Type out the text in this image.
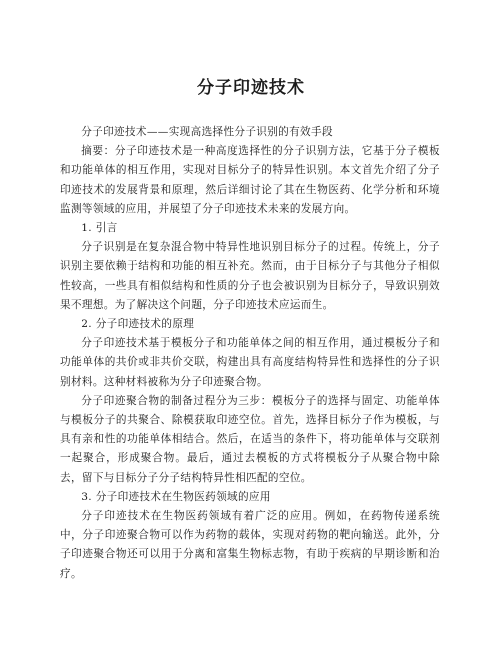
分子印迹技术

分子印迹技术——实现高选择性分子识别的有效手段

摘要：分子印迹技术是一种高度选择性的分子识别方法，它基于分子模板和功能单体的相互作用，实现对目标分子的特异性识别。本文首先介绍了分子印迹技术的发展背景和原理，然后详细讨论了其在生物医药、化学分析和环境监测等领域的应用，并展望了分子印迹技术未来的发展方向。

1. 引言

分子识别是在复杂混合物中特异性地识别目标分子的过程。传统上，分子识别主要依赖于结构和功能的相互补充。然而，由于目标分子与其他分子相似性较高，一些具有相似结构和性质的分子也会被识别为目标分子，导致识别效果不理想。为了解决这个问题，分子印迹技术应运而生。

2. 分子印迹技术的原理

分子印迹技术基于模板分子和功能单体之间的相互作用，通过模板分子和功能单体的共价或非共价交联，构建出具有高度结构特异性和选择性的分子识别材料。这种材料被称为分子印迹聚合物。

分子印迹聚合物的制备过程分为三步：模板分子的选择与固定、功能单体与模板分子的共聚合、除模获取印迹空位。首先，选择目标分子作为模板，与具有亲和性的功能单体相结合。然后，在适当的条件下，将功能单体与交联剂一起聚合，形成聚合物。最后，通过去模板的方式将模板分子从聚合物中除去，留下与目标分子分子结构特异性相匹配的空位。

3. 分子印迹技术在生物医药领域的应用

分子印迹技术在生物医药领域有着广泛的应用。例如，在药物传递系统中，分子印迹聚合物可以作为药物的载体，实现对药物的靶向输送。此外，分子印迹聚合物还可以用于分离和富集生物标志物，有助于疾病的早期诊断和治疗。
